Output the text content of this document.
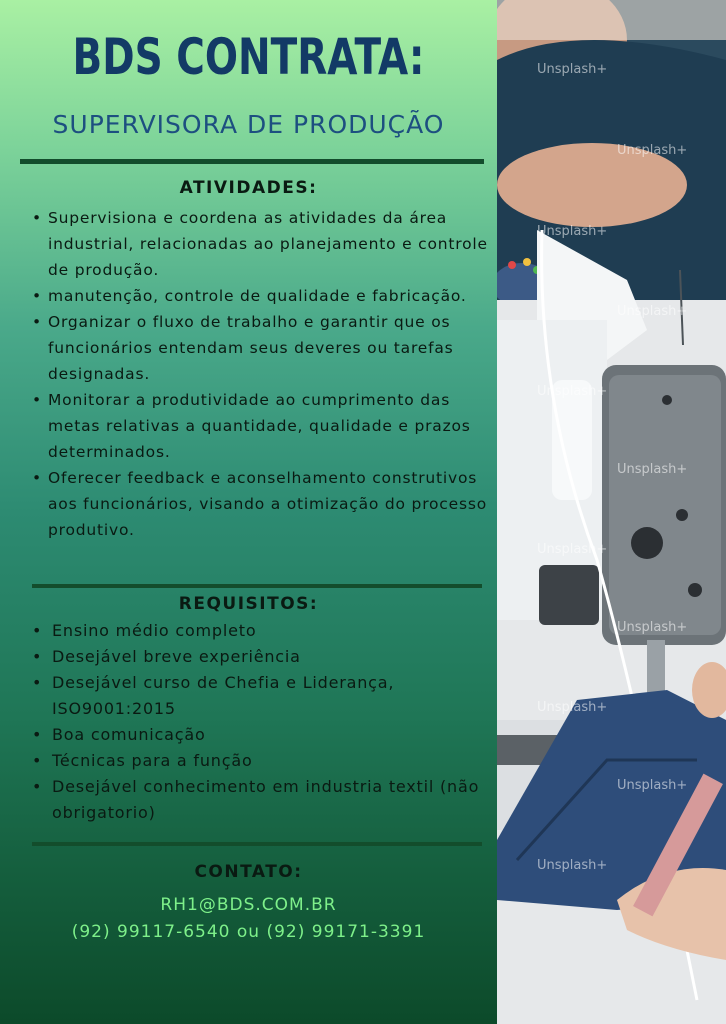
BDS CONTRATA:
SUPERVISORA DE PRODUÇÃO
ATIVIDADES:
• Supervisiona e coordena as atividades da área industrial, relacionadas ao planejamento e controle de produção.
• manutenção, controle de qualidade e fabricação.
• Organizar o fluxo de trabalho e garantir que os funcionários entendam seus deveres ou tarefas designadas.
• Monitorar a produtividade ao cumprimento das metas relativas a quantidade, qualidade e prazos determinados.
• Oferecer feedback e aconselhamento construtivos aos funcionários, visando a otimização do processo produtivo.
REQUISITOS:
• Ensino médio completo
• Desejável breve experiência
• Desejável curso de Chefia e Liderança, ISO9001:2015
• Boa comunicação
• Técnicas para a função
• Desejável conhecimento em industria textil (não obrigatorio)
CONTATO:
RH1@BDS.COM.BR
(92) 99117-6540 ou (92) 99171-3391
Unsplash+
Unsplash+
Unsplash+
Unsplash+
Unsplash+
Unsplash+
Unsplash+
Unsplash+
Unsplash+
Unsplash+
Unsplash+
